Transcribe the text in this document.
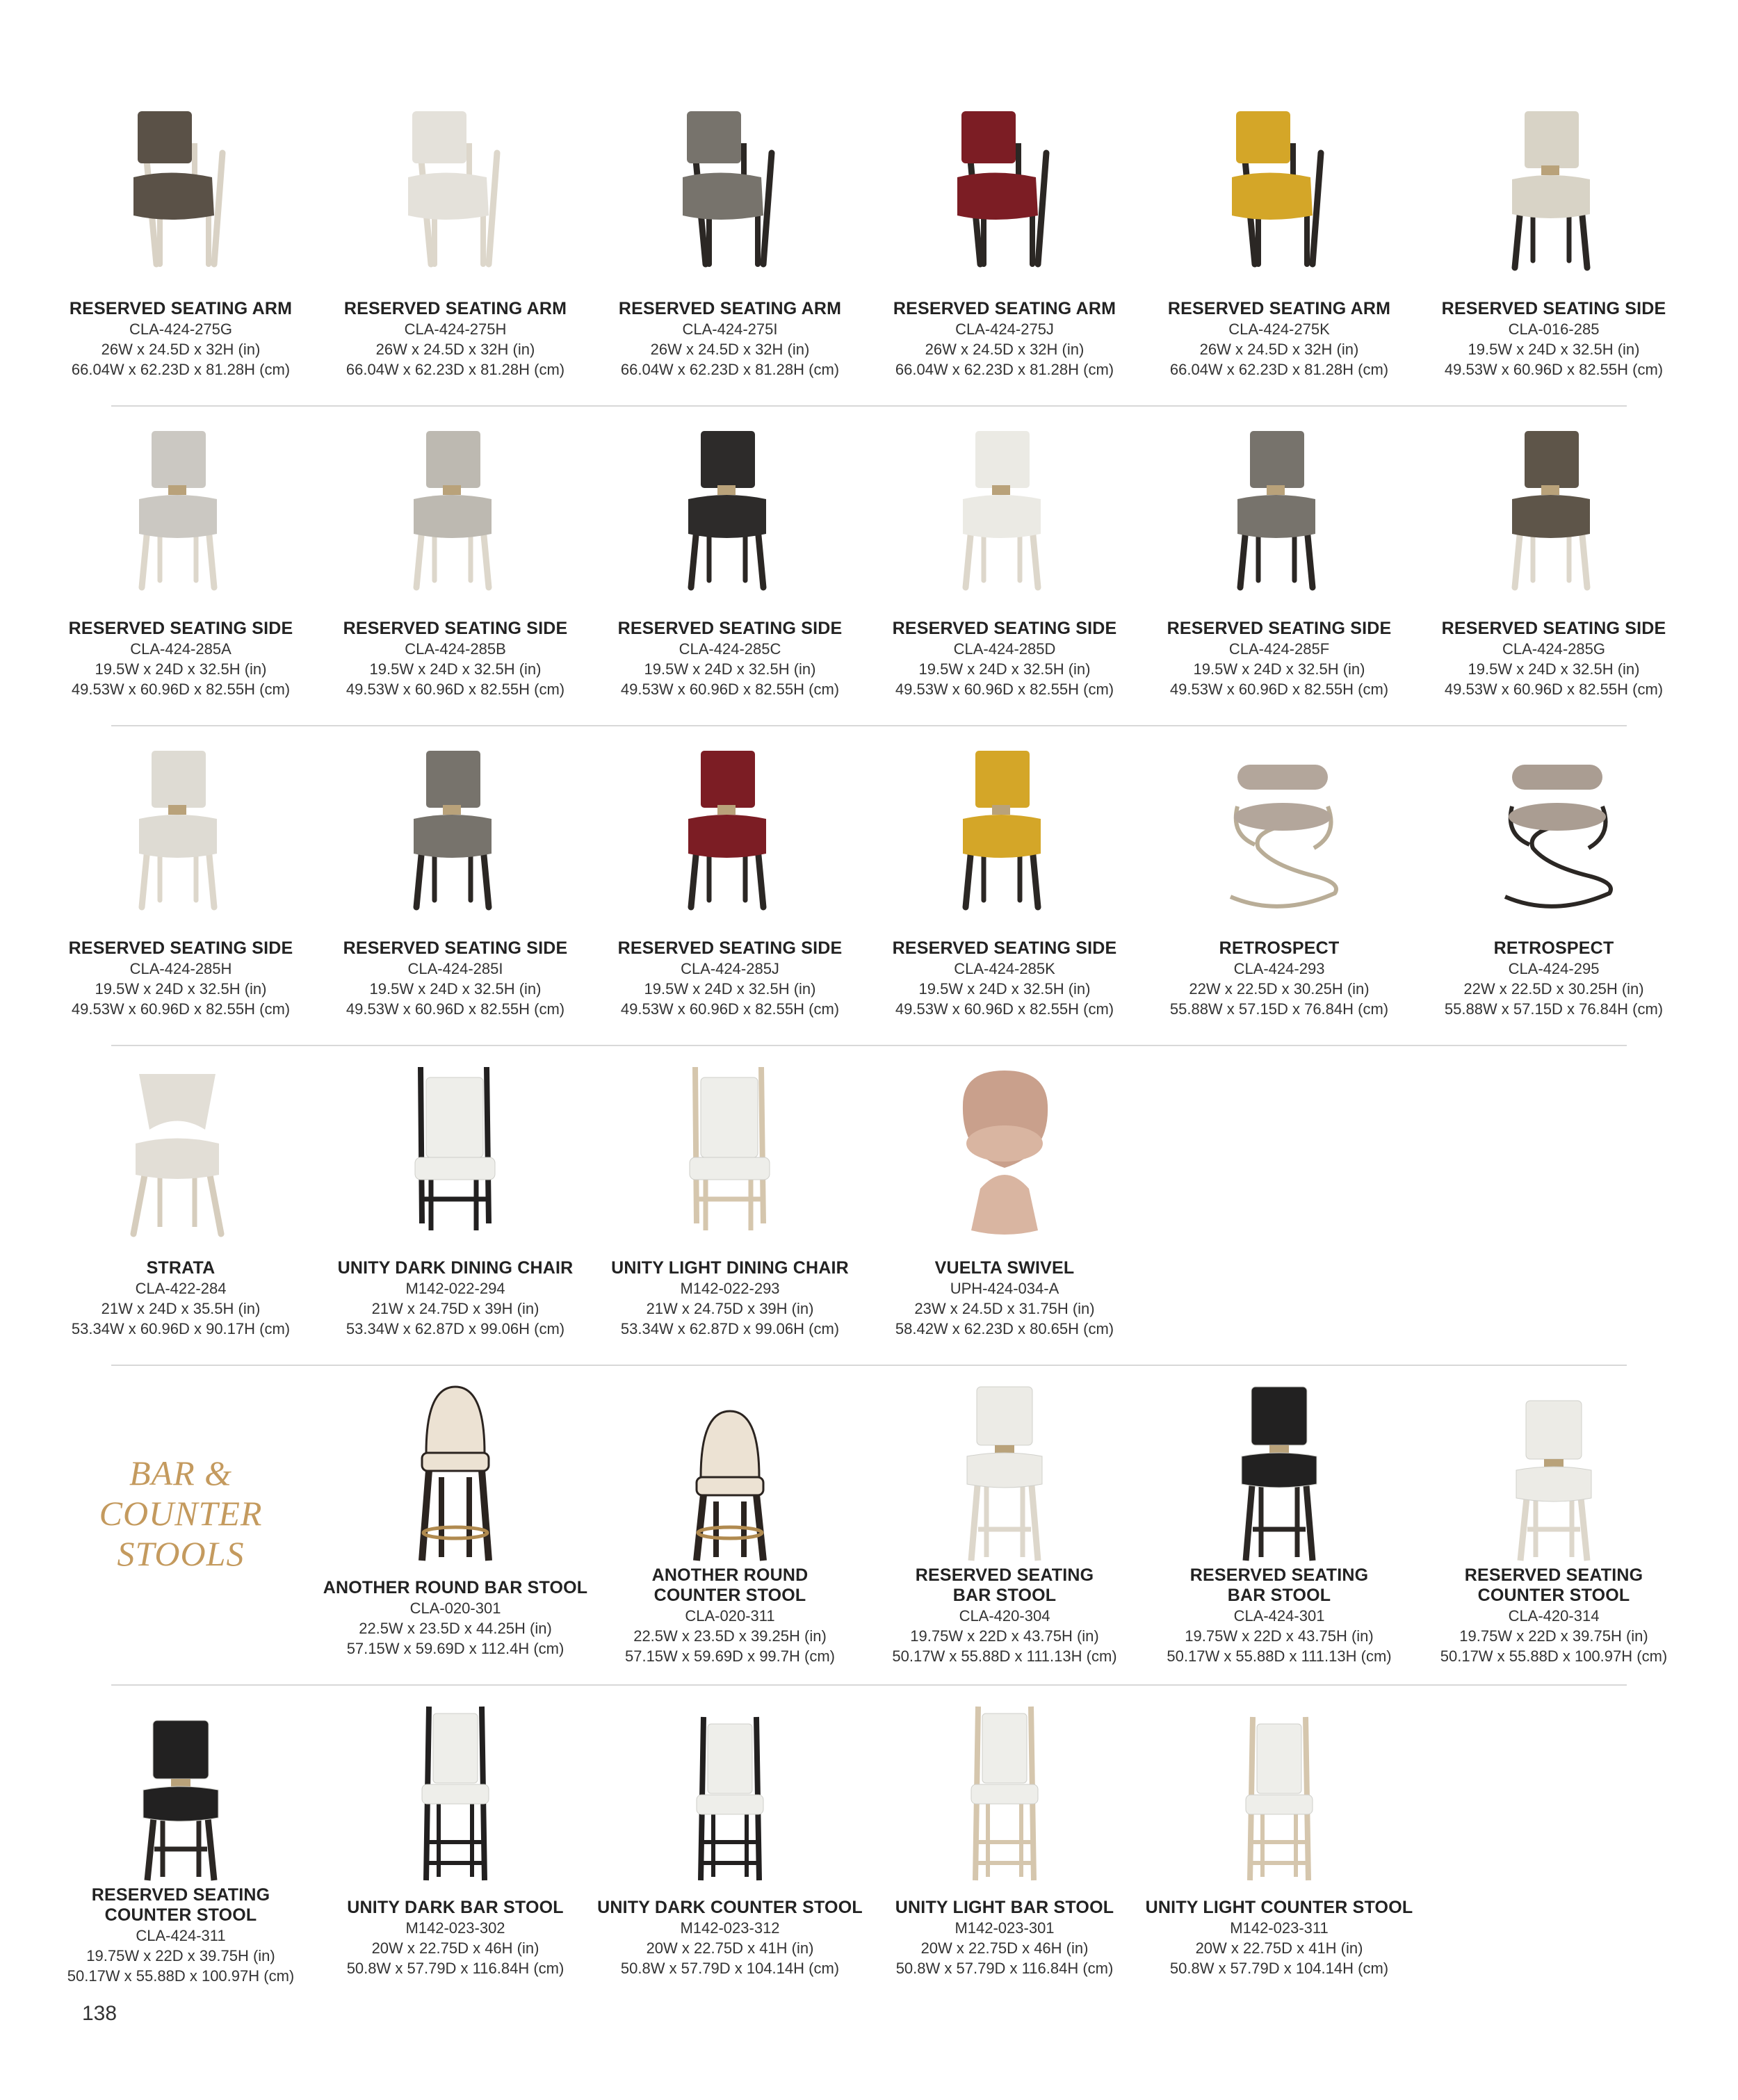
BAR &
COUNTER
STOOLS
RESERVED SEATING ARM
CLA-424-275G
26W x 24.5D x 32H (in)
66.04W x 62.23D x 81.28H (cm)
RESERVED SEATING ARM
CLA-424-275H
26W x 24.5D x 32H (in)
66.04W x 62.23D x 81.28H (cm)
RESERVED SEATING ARM
CLA-424-275I
26W x 24.5D x 32H (in)
66.04W x 62.23D x 81.28H (cm)
RESERVED SEATING ARM
CLA-424-275J
26W x 24.5D x 32H (in)
66.04W x 62.23D x 81.28H (cm)
RESERVED SEATING ARM
CLA-424-275K
26W x 24.5D x 32H (in)
66.04W x 62.23D x 81.28H (cm)
RESERVED SEATING SIDE
CLA-016-285
19.5W x 24D x 32.5H (in)
49.53W x 60.96D x 82.55H (cm)
RESERVED SEATING SIDE
CLA-424-285A
19.5W x 24D x 32.5H (in)
49.53W x 60.96D x 82.55H (cm)
RESERVED SEATING SIDE
CLA-424-285B
19.5W x 24D x 32.5H (in)
49.53W x 60.96D x 82.55H (cm)
RESERVED SEATING SIDE
CLA-424-285C
19.5W x 24D x 32.5H (in)
49.53W x 60.96D x 82.55H (cm)
RESERVED SEATING SIDE
CLA-424-285D
19.5W x 24D x 32.5H (in)
49.53W x 60.96D x 82.55H (cm)
RESERVED SEATING SIDE
CLA-424-285F
19.5W x 24D x 32.5H (in)
49.53W x 60.96D x 82.55H (cm)
RESERVED SEATING SIDE
CLA-424-285G
19.5W x 24D x 32.5H (in)
49.53W x 60.96D x 82.55H (cm)
RESERVED SEATING SIDE
CLA-424-285H
19.5W x 24D x 32.5H (in)
49.53W x 60.96D x 82.55H (cm)
RESERVED SEATING SIDE
CLA-424-285I
19.5W x 24D x 32.5H (in)
49.53W x 60.96D x 82.55H (cm)
RESERVED SEATING SIDE
CLA-424-285J
19.5W x 24D x 32.5H (in)
49.53W x 60.96D x 82.55H (cm)
RESERVED SEATING SIDE
CLA-424-285K
19.5W x 24D x 32.5H (in)
49.53W x 60.96D x 82.55H (cm)
RETROSPECT
CLA-424-293
22W x 22.5D x 30.25H (in)
55.88W x 57.15D x 76.84H (cm)
RETROSPECT
CLA-424-295
22W x 22.5D x 30.25H (in)
55.88W x 57.15D x 76.84H (cm)
STRATA
CLA-422-284
21W x 24D x 35.5H (in)
53.34W x 60.96D x 90.17H (cm)
UNITY DARK DINING CHAIR
M142-022-294
21W x 24.75D x 39H (in)
53.34W x 62.87D x 99.06H (cm)
UNITY LIGHT DINING CHAIR
M142-022-293
21W x 24.75D x 39H (in)
53.34W x 62.87D x 99.06H (cm)
VUELTA SWIVEL
UPH-424-034-A
23W x 24.5D x 31.75H (in)
58.42W x 62.23D x 80.65H (cm)
ANOTHER ROUND BAR STOOL
CLA-020-301
22.5W x 23.5D x 44.25H (in)
57.15W x 59.69D x 112.4H (cm)
ANOTHER ROUND
COUNTER STOOL
CLA-020-311
22.5W x 23.5D x 39.25H (in)
57.15W x 59.69D x 99.7H (cm)
RESERVED SEATING
BAR STOOL
CLA-420-304
19.75W x 22D x 43.75H (in)
50.17W x 55.88D x 111.13H (cm)
RESERVED SEATING
BAR STOOL
CLA-424-301
19.75W x 22D x 43.75H (in)
50.17W x 55.88D x 111.13H (cm)
RESERVED SEATING
COUNTER STOOL
CLA-420-314
19.75W x 22D x 39.75H (in)
50.17W x 55.88D x 100.97H (cm)
RESERVED SEATING
COUNTER STOOL
CLA-424-311
19.75W x 22D x 39.75H (in)
50.17W x 55.88D x 100.97H (cm)
UNITY DARK BAR STOOL
M142-023-302
20W x 22.75D x 46H (in)
50.8W x 57.79D x 116.84H (cm)
UNITY DARK COUNTER STOOL
M142-023-312
20W x 22.75D x 41H (in)
50.8W x 57.79D x 104.14H (cm)
UNITY LIGHT BAR STOOL
M142-023-301
20W x 22.75D x 46H (in)
50.8W x 57.79D x 116.84H (cm)
UNITY LIGHT COUNTER STOOL
M142-023-311
20W x 22.75D x 41H (in)
50.8W x 57.79D x 104.14H (cm)
138
